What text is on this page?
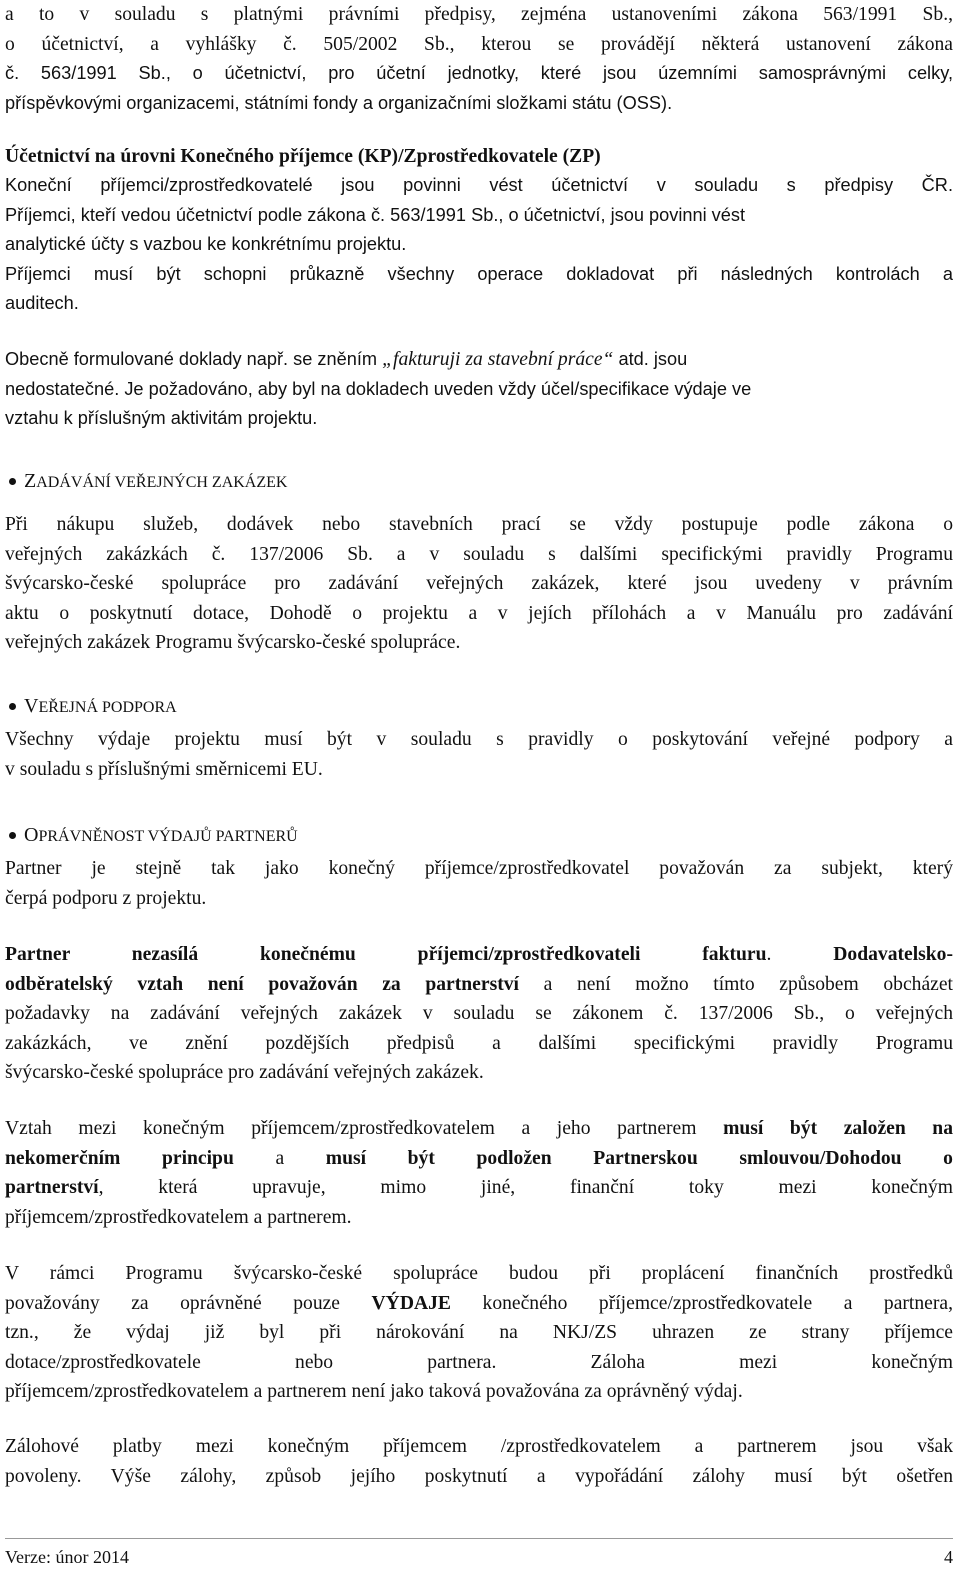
a to v souladu s platnými právními předpisy, zejména ustanoveními zákona 563/1991 Sb.,
o účetnictví, a vyhlášky č. 505/2002 Sb., kterou se provádějí některá ustanovení zákona
č. 563/1991 Sb., o účetnictví, pro účetní jednotky, které jsou územními samosprávnými celky,
příspěvkovými organizacemi, státními fondy a organizačními složkami státu (OSS).
Účetnictví na úrovni Konečného příjemce (KP)/Zprostředkovatele (ZP)
Koneční příjemci/zprostředkovatelé jsou povinni vést účetnictví v souladu s předpisy ČR.
Příjemci, kteří vedou účetnictví podle zákona č. 563/1991 Sb., o účetnictví, jsou povinni vést
analytické účty s vazbou ke konkrétnímu projektu.
Příjemci musí být schopni průkazně všechny operace dokladovat při následných kontrolách a
auditech.
Obecně formulované doklady např. se zněním „fakturuji za stavební práce“ atd. jsou
nedostatečné. Je požadováno, aby byl na dokladech uveden vždy účel/specifikace výdaje ve
vztahu k příslušným aktivitám projektu.
ZADÁVÁNÍ VEŘEJNÝCH ZAKÁZEK
Při nákupu služeb, dodávek nebo stavebních prací se vždy postupuje podle zákona o
veřejných zakázkách č. 137/2006 Sb. a v souladu s dalšími specifickými pravidly Programu
švýcarsko-české spolupráce pro zadávání veřejných zakázek, které jsou uvedeny v právním
aktu o poskytnutí dotace, Dohodě o projektu a v jejích přílohách a v Manuálu pro zadávání
veřejných zakázek Programu švýcarsko-české spolupráce.
VEŘEJNÁ PODPORA
Všechny výdaje projektu musí být v souladu s pravidly o poskytování veřejné podpory a
v souladu s příslušnými směrnicemi EU.
OPRÁVNĚNOST VÝDAJŮ PARTNERŮ
Partner je stejně tak jako konečný příjemce/zprostředkovatel považován za subjekt, který
čerpá podporu z projektu.
Partner nezasílá konečnému příjemci/zprostředkovateli fakturu. Dodavatelsko-
odběratelský vztah není považován za partnerství a není možno tímto způsobem obcházet
požadavky na zadávání veřejných zakázek v souladu se zákonem č. 137/2006 Sb., o veřejných
zakázkách, ve znění pozdějších předpisů a dalšími specifickými pravidly Programu
švýcarsko-české spolupráce pro zadávání veřejných zakázek.
Vztah mezi konečným příjemcem/zprostředkovatelem a jeho partnerem musí být založen na
nekomerčním principu a musí být podložen Partnerskou smlouvou/Dohodou o
partnerství, která upravuje, mimo jiné, finanční toky mezi konečným
příjemcem/zprostředkovatelem a partnerem.
V rámci Programu švýcarsko-české spolupráce budou při proplácení finančních prostředků
považovány za oprávněné pouze VÝDAJE konečného příjemce/zprostředkovatele a partnera,
tzn., že výdaj již byl při nárokování na NKJ/ZS uhrazen ze strany příjemce
dotace/zprostředkovatele nebo partnera. Záloha mezi konečným
příjemcem/zprostředkovatelem a partnerem není jako taková považována za oprávněný výdaj.
Zálohové platby mezi konečným příjemcem /zprostředkovatelem a partnerem jsou však
povoleny. Výše zálohy, způsob jejího poskytnutí a vypořádání zálohy musí být ošetřen
Verze: únor 2014	4
